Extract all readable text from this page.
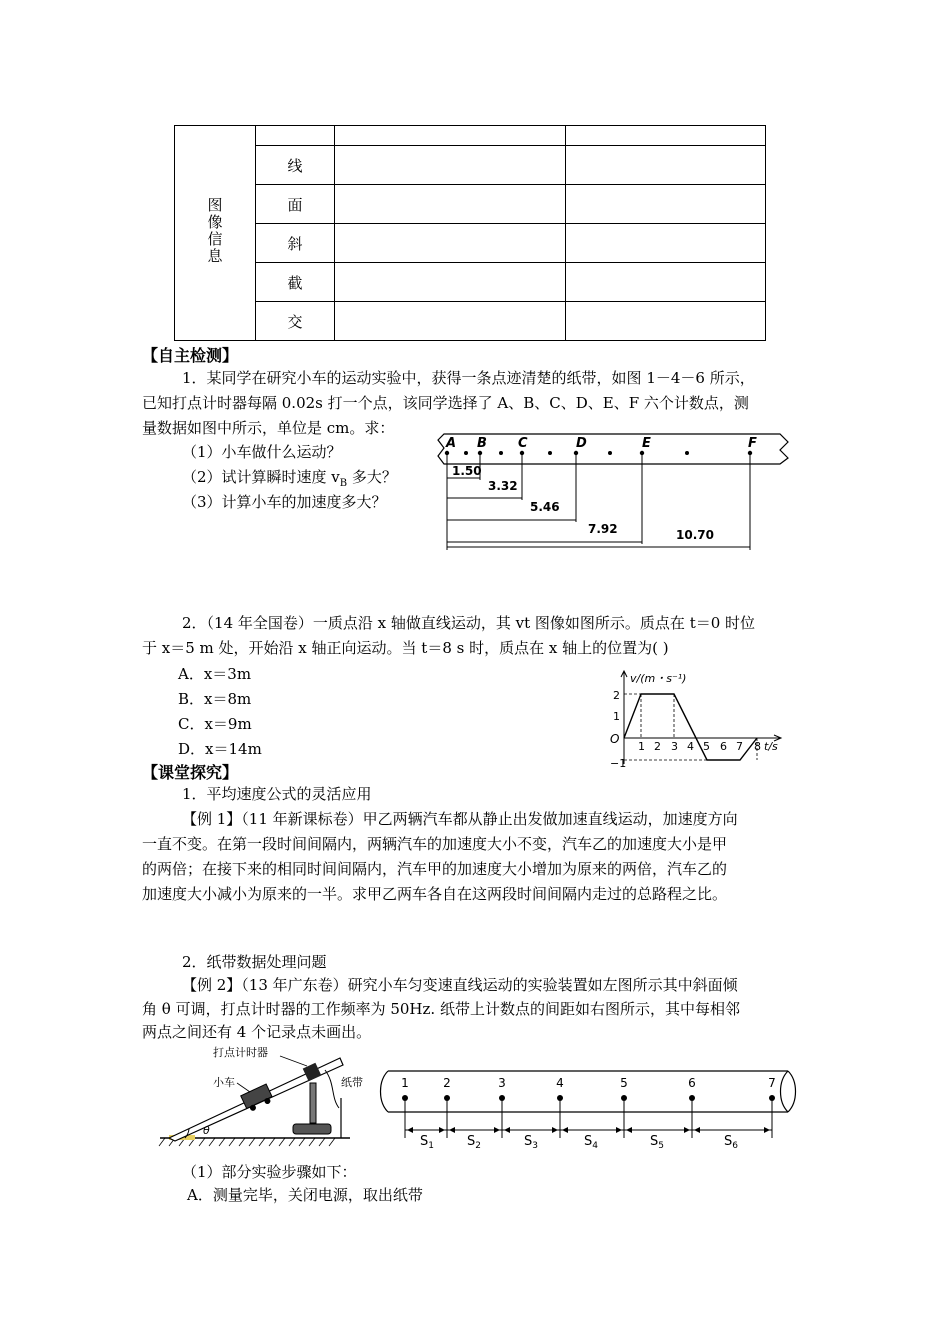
图像信息			
	线		
	面		
	斜		
	截		
	交		
【自主检测】
1．某同学在研究小车的运动实验中，获得一条点迹清楚的纸带，如图 1－4－6 所示，
已知打点计时器每隔 0.02s 打一个点，该同学选择了 A、B、C、D、E、F 六个计数点，测
量数据如图中所示，单位是 cm。求：
（1）小车做什么运动？
（2）试计算瞬时速度 $v_B$ 多大？
（3）计算小车的加速度多大？
A B C	D	E	F
1.50
3.32
5.46
7.92	10.70
2．（14 年全国卷）一质点沿 x 轴做直线运动，其 vt 图像如图所示。质点在 t＝0 时位
于 x＝5 m 处，开始沿 x 轴正向运动。当 t＝8 s 时，质点在 x 轴上的位置为( )
A．x＝3m
B．x＝8m
C．x＝9m
D．x＝14m
v/(m・s⁻¹)
O
2
1
−1
1 2 3 4 5 6 7 8 t/s
【课堂探究】
1．平均速度公式的灵活应用
【例 1】（11 年新课标卷）甲乙两辆汽车都从静止出发做加速直线运动，加速度方向
一直不变。在第一段时间间隔内，两辆汽车的加速度大小不变，汽车乙的加速度大小是甲
的两倍；在接下来的相同时间间隔内，汽车甲的加速度大小增加为原来的两倍，汽车乙的
加速度大小减小为原来的一半。求甲乙两车各自在这两段时间间隔内走过的总路程之比。
2．纸带数据处理问题
【例 2】（13 年广东卷）研究小车匀变速直线运动的实验装置如左图所示其中斜面倾
角 θ 可调，打点计时器的工作频率为 50Hz. 纸带上计数点的间距如右图所示，其中每相邻
两点之间还有 4 个记录点未画出。
θ
打点计时器
小车	纸带	1	2	3	4	5	6	7
$S_1$	$S_2$	$S_3$	$S_4$	$S_5$	$S_6$
（1）部分实验步骤如下：
A．测量完毕，关闭电源，取出纸带
